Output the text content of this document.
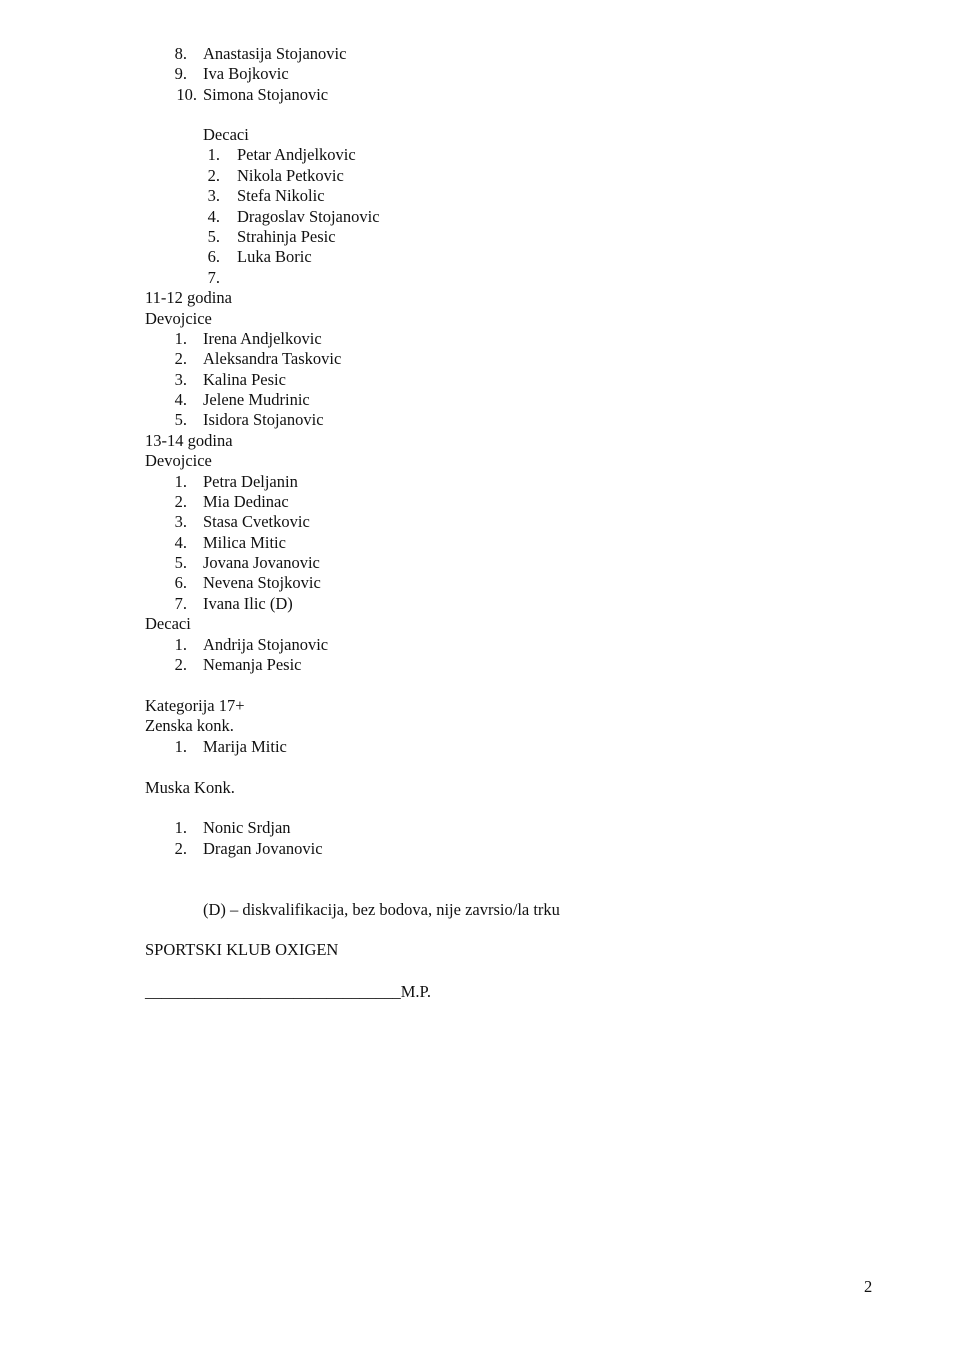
8. Anastasija Stojanovic
9. Iva Bojkovic
10. Simona Stojanovic
Decaci
1. Petar Andjelkovic
2. Nikola Petkovic
3. Stefa Nikolic
4. Dragoslav Stojanovic
5. Strahinja Pesic
6. Luka Boric
7.
11-12 godina
Devojcice
1. Irena Andjelkovic
2. Aleksandra Taskovic
3. Kalina Pesic
4. Jelene Mudrinic
5. Isidora Stojanovic
13-14 godina
Devojcice
1. Petra Deljanin
2. Mia Dedinac
3. Stasa Cvetkovic
4. Milica Mitic
5. Jovana Jovanovic
6. Nevena Stojkovic
7. Ivana Ilic (D)
Decaci
1. Andrija Stojanovic
2. Nemanja Pesic
Kategorija 17+
Zenska konk.
1. Marija Mitic
Muska Konk.
1. Nonic Srdjan
2. Dragan Jovanovic
(D) – diskvalifikacija, bez bodova, nije zavrsio/la trku
SPORTSKI KLUB OXIGEN
_______________________________M.P.
2
